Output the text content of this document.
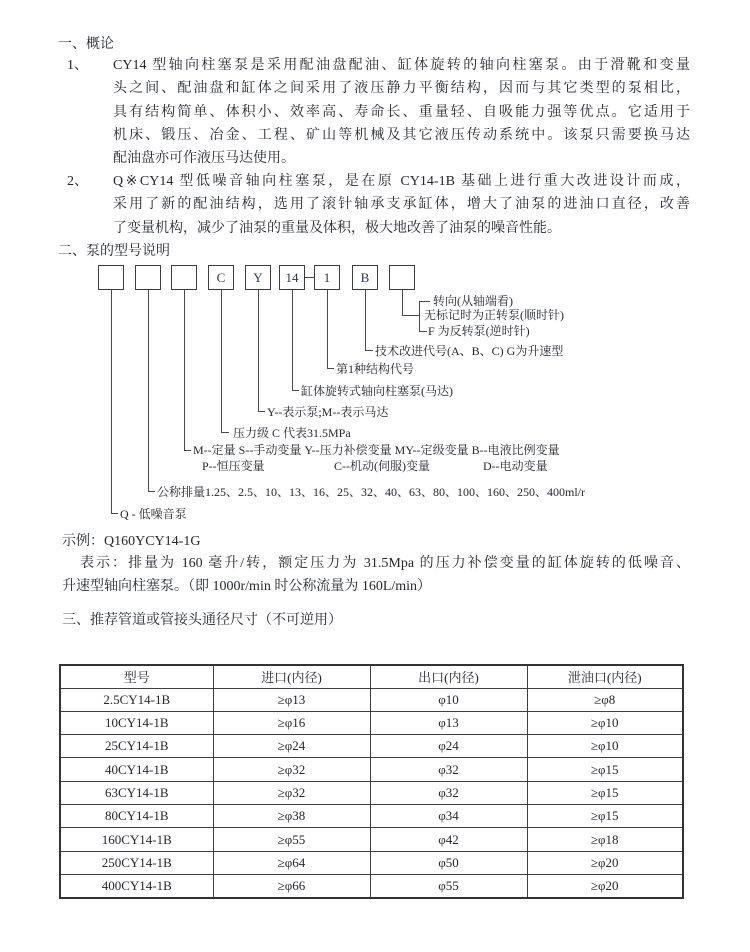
一、概论
1、 CY14 型轴向柱塞泵是采用配油盘配油、缸体旋转的轴向柱塞泵。由于滑靴和变量
头之间、配油盘和缸体之间采用了液压静力平衡结构，因而与其它类型的泵相比，
具有结构简单、体积小、效率高、寿命长、重量轻、自吸能力强等优点。它适用于
机床、锻压、冶金、工程、矿山等机械及其它液压传动系统中。该泵只需要换马达
配油盘亦可作液压马达使用。
2、 Q※CY14 型低噪音轴向柱塞泵，是在原 CY14-1B 基础上进行重大改进设计而成，
采用了新的配油结构，选用了滚针轴承支承缸体，增大了油泵的进油口直径，改善
了变量机构，减少了油泵的重量及体积，极大地改善了油泵的噪音性能。
二、泵的型号说明
C	Y	14	1	B
转向(从轴端看)
无标记时为正转泵(顺时针)
F 为反转泵(逆时针)
技术改进代号(A、B、C) G为升速型
第1种结构代号
缸体旋转式轴向柱塞泵(马达)
Y--表示泵;M--表示马达
压力级 C 代表31.5MPa
M--定量 S--手动变量 Y--压力补偿变量 MY--定级变量 B--电液比例变量
P--恒压变量	C--机动(伺服)变量	D--电动变量
公称排量1.25、2.5、10、13、16、25、32、40、63、80、100、160、250、400ml/r
Q - 低噪音泵
示例：Q160YCY14-1G
表示：排量为 160 毫升/转，额定压力为 31.5Mpa 的压力补偿变量的缸体旋转的低噪音、
升速型轴向柱塞泵。（即 1000r/min 时公称流量为 160L/min）
三、推荐管道或管接头通径尺寸（不可逆用）
型号	进口(内径)	出口(内径)	泄油口(内径)
2.5CY14-1B	≥φ13	φ10	≥φ8
10CY14-1B	≥φ16	φ13	≥φ10
25CY14-1B	≥φ24	φ24	≥φ10
40CY14-1B	≥φ32	φ32	≥φ15
63CY14-1B	≥φ32	φ32	≥φ15
80CY14-1B	≥φ38	φ34	≥φ15
160CY14-1B	≥φ55	φ42	≥φ18
250CY14-1B	≥φ64	φ50	≥φ20
400CY14-1B	≥φ66	φ55	≥φ20
